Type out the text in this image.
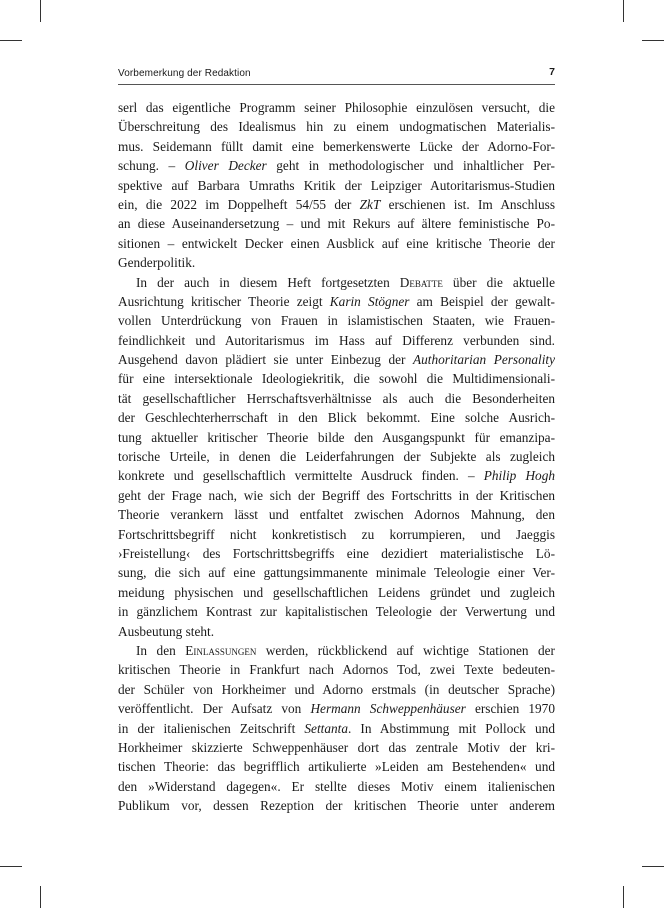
Vorbemerkung der Redaktion	7
serl das eigentliche Programm seiner Philosophie einzulösen versucht, die
Überschreitung des Idealismus hin zu einem undogmatischen Materialis-
mus. Seidemann füllt damit eine bemerkenswerte Lücke der Adorno-For-
schung. – Oliver Decker geht in methodologischer und inhaltlicher Per-
spektive auf Barbara Umraths Kritik der Leipziger Autoritarismus-Studien
ein, die 2022 im Doppelheft 54/55 der ZkT erschienen ist. Im Anschluss
an diese Auseinandersetzung – und mit Rekurs auf ältere feministische Po-
sitionen – entwickelt Decker einen Ausblick auf eine kritische Theorie der
Genderpolitik.
In der auch in diesem Heft fortgesetzten Debatte über die aktuelle
Ausrichtung kritischer Theorie zeigt Karin Stögner am Beispiel der gewalt-
vollen Unterdrückung von Frauen in islamistischen Staaten, wie Frauen-
feindlichkeit und Autoritarismus im Hass auf Differenz verbunden sind.
Ausgehend davon plädiert sie unter Einbezug der Authoritarian Personality
für eine intersektionale Ideologiekritik, die sowohl die Multidimensionali-
tät gesellschaftlicher Herrschaftsverhältnisse als auch die Besonderheiten
der Geschlechterherrschaft in den Blick bekommt. Eine solche Ausrich-
tung aktueller kritischer Theorie bilde den Ausgangspunkt für emanzipa-
torische Urteile, in denen die Leiderfahrungen der Subjekte als zugleich
konkrete und gesellschaftlich vermittelte Ausdruck finden. – Philip Hogh
geht der Frage nach, wie sich der Begriff des Fortschritts in der Kritischen
Theorie verankern lässt und entfaltet zwischen Adornos Mahnung, den
Fortschrittsbegriff nicht konkretistisch zu korrumpieren, und Jaeggis
›Freistellung‹ des Fortschrittsbegriffs eine dezidiert materialistische Lö-
sung, die sich auf eine gattungsimmanente minimale Teleologie einer Ver-
meidung physischen und gesellschaftlichen Leidens gründet und zugleich
in gänzlichem Kontrast zur kapitalistischen Teleologie der Verwertung und
Ausbeutung steht.
In den Einlassungen werden, rückblickend auf wichtige Stationen der
kritischen Theorie in Frankfurt nach Adornos Tod, zwei Texte bedeuten-
der Schüler von Horkheimer und Adorno erstmals (in deutscher Sprache)
veröffentlicht. Der Aufsatz von Hermann Schweppenhäuser erschien 1970
in der italienischen Zeitschrift Settanta. In Abstimmung mit Pollock und
Horkheimer skizzierte Schweppenhäuser dort das zentrale Motiv der kri-
tischen Theorie: das begrifflich artikulierte »Leiden am Bestehenden« und
den »Widerstand dagegen«. Er stellte dieses Motiv einem italienischen
Publikum vor, dessen Rezeption der kritischen Theorie unter anderem
